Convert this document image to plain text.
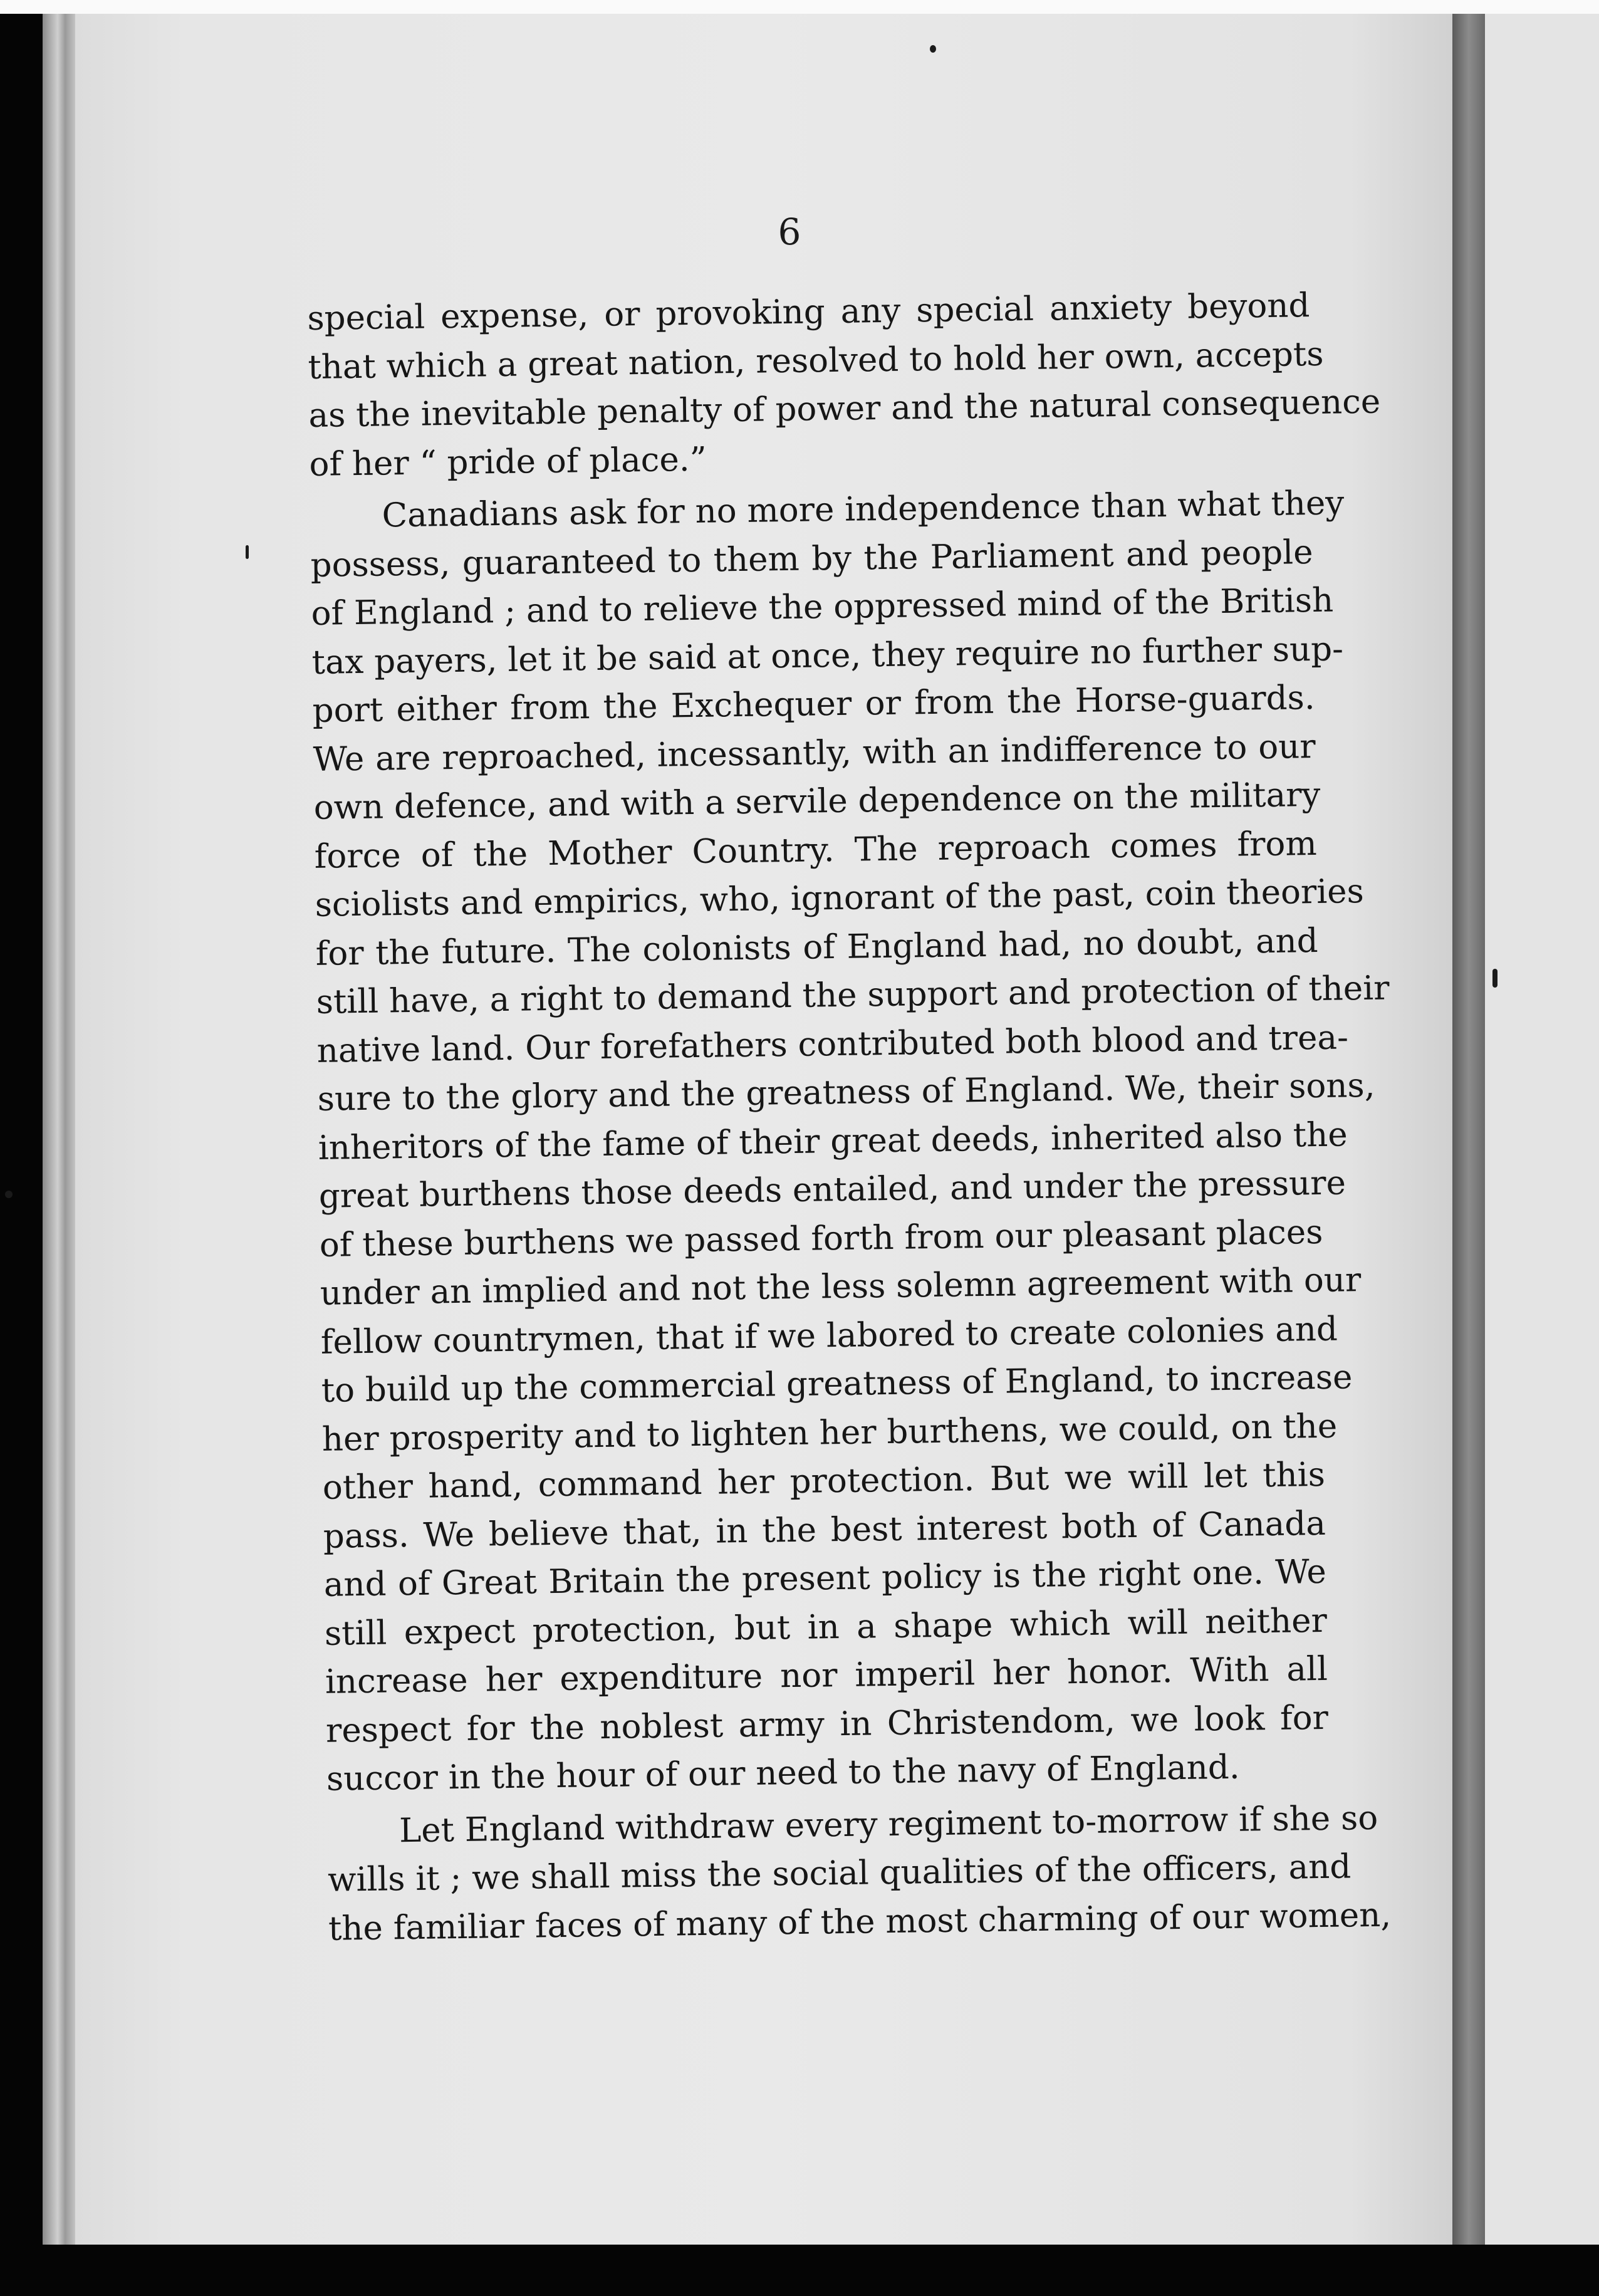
6
special expense, or provoking any special anxiety beyond
that which a great nation, resolved to hold her own, accepts
as the inevitable penalty of power and the natural consequence
of her “ pride of place.”
Canadians ask for no more independence than what they
possess, guaranteed to them by the Parliament and people
of England ; and to relieve the oppressed mind of the British
tax payers, let it be said at once, they require no further sup-
port either from the Exchequer or from the Horse-guards.
We are reproached, incessantly, with an indifference to our
own defence, and with a servile dependence on the military
force of the Mother Country. The reproach comes from
sciolists and empirics, who, ignorant of the past, coin theories
for the future. The colonists of England had, no doubt, and
still have, a right to demand the support and protection of their
native land. Our forefathers contributed both blood and trea-
sure to the glory and the greatness of England. We, their sons,
inheritors of the fame of their great deeds, inherited also the
great burthens those deeds entailed, and under the pressure
of these burthens we passed forth from our pleasant places
under an implied and not the less solemn agreement with our
fellow countrymen, that if we labored to create colonies and
to build up the commercial greatness of England, to increase
her prosperity and to lighten her burthens, we could, on the
other hand, command her protection. But we will let this
pass. We believe that, in the best interest both of Canada
and of Great Britain the present policy is the right one. We
still expect protection, but in a shape which will neither
increase her expenditure nor imperil her honor. With all
respect for the noblest army in Christendom, we look for
succor in the hour of our need to the navy of England.
Let England withdraw every regiment to-morrow if she so
wills it ; we shall miss the social qualities of the officers, and
the familiar faces of many of the most charming of our women,
